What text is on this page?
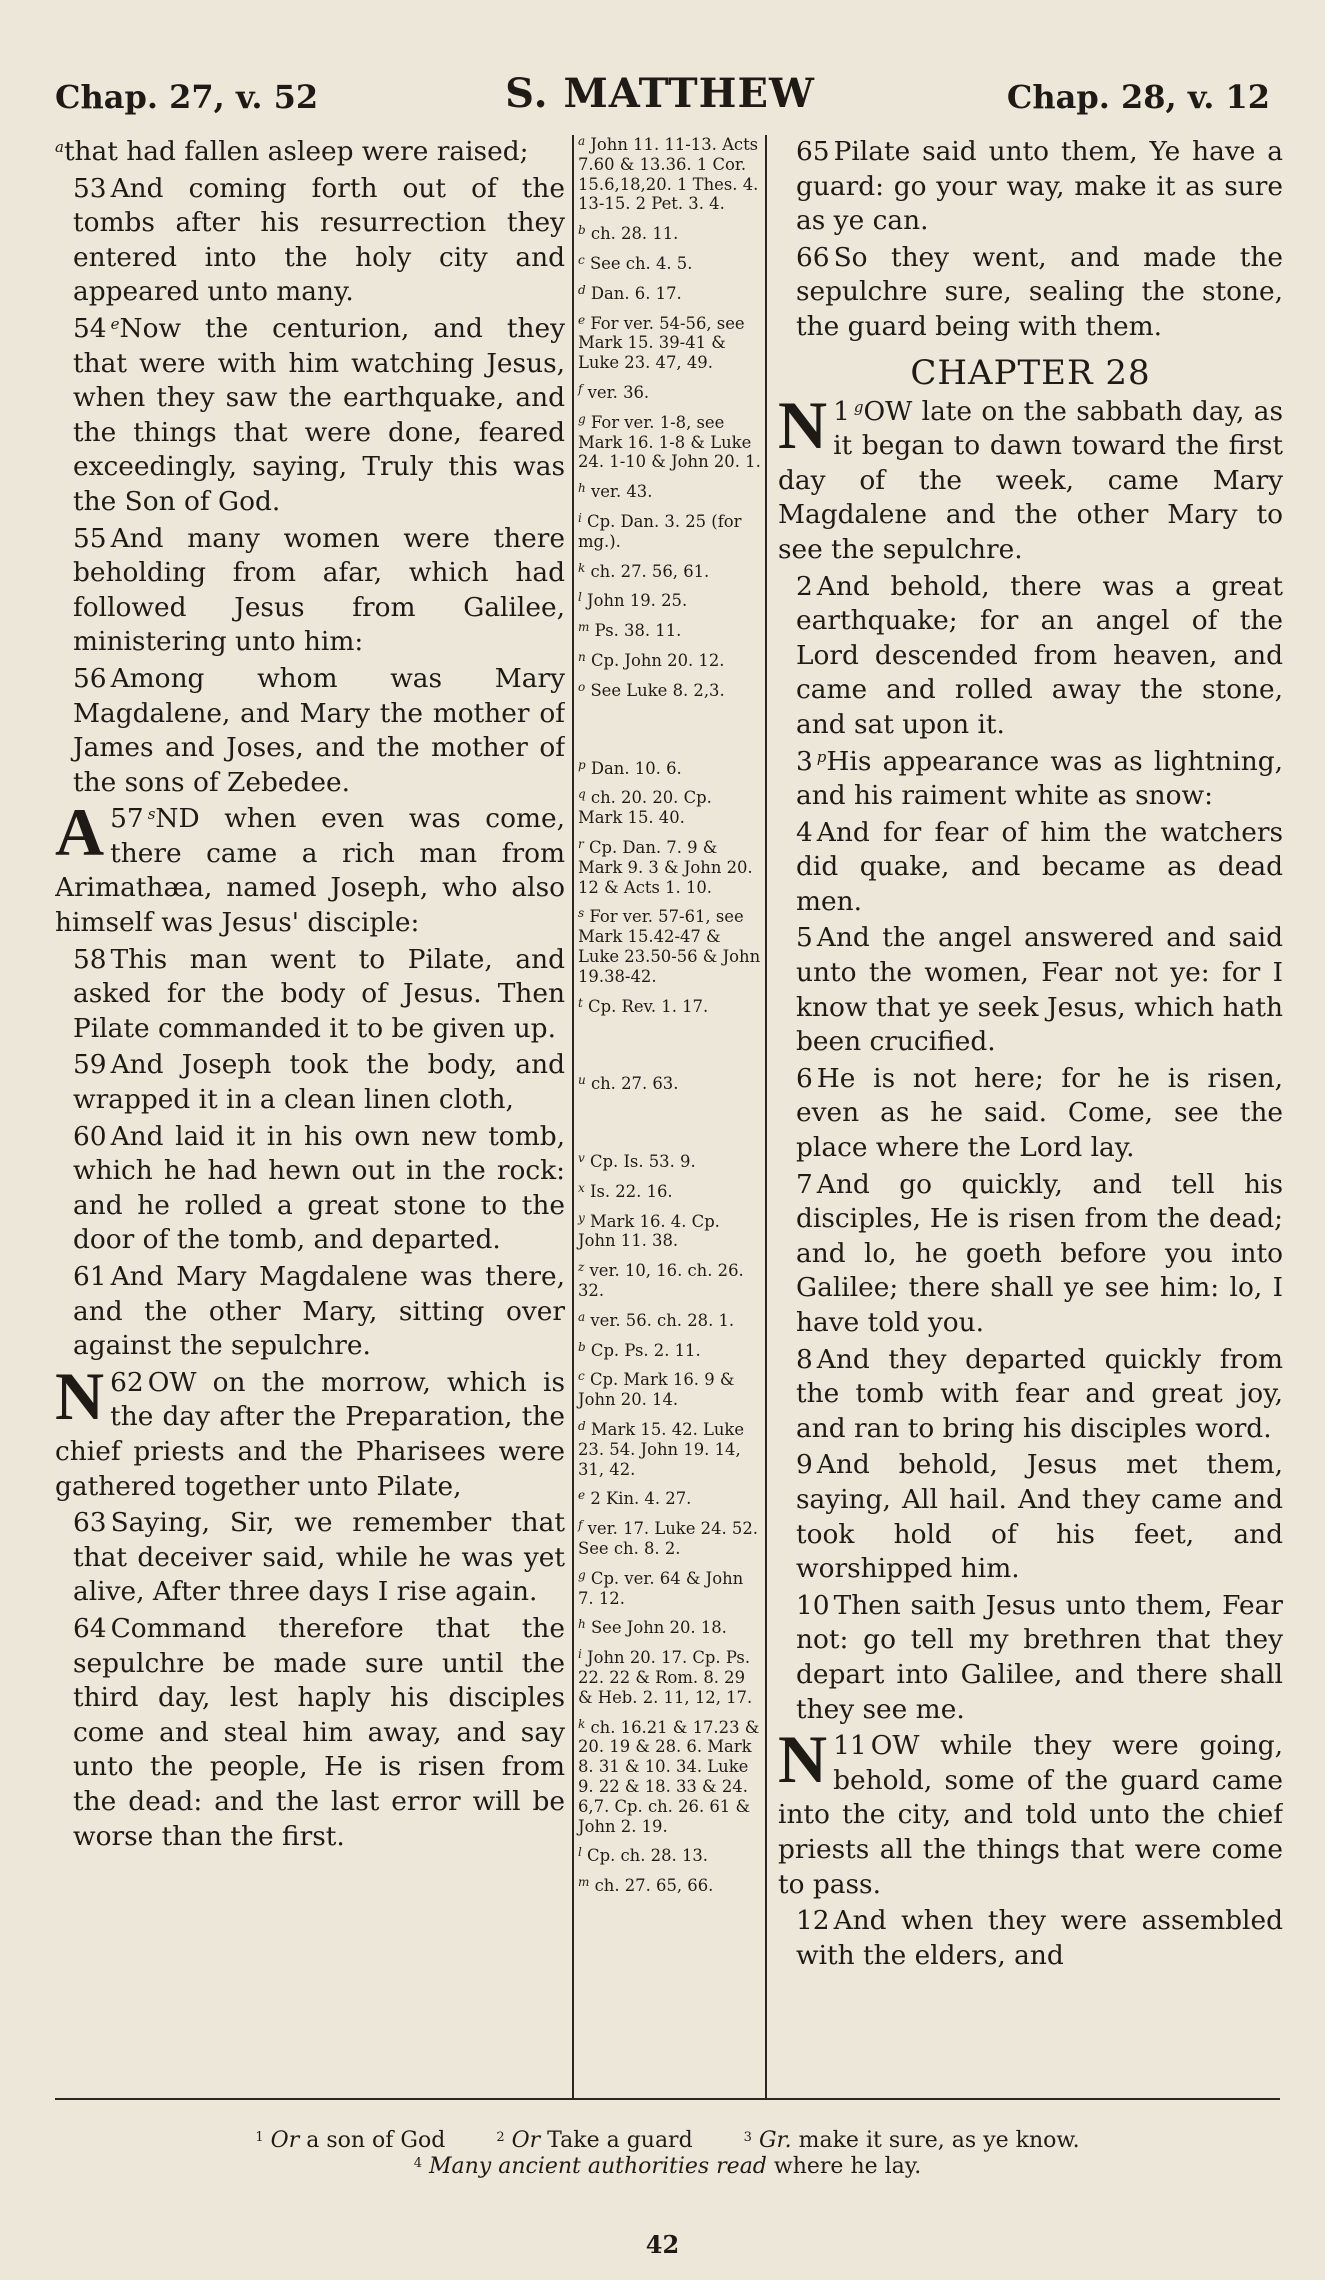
Chap. 27, v. 52	S. MATTHEW	Chap. 28, v. 12

$^a$that had fallen asleep were raised;

53 And coming forth out of the tombs after his resurrection they entered into the holy city and appeared unto many.

54 $^e$Now the centurion, and they that were with him watching Jesus, when they saw the earthquake, and the things that were done, feared exceedingly, saying, Truly this was the Son of God.

55 And many women were there beholding from afar, which had followed Jesus from Galilee, ministering unto him:

56 Among whom was Mary Magdalene, and Mary the mother of James and Joses, and the mother of the sons of Zebedee.

57 $^s$
A ND when even was come, there came a rich man from Arimathæa, named Joseph, who also himself was Jesus' disciple:

58 This man went to Pilate, and asked for the body of Jesus. Then Pilate commanded it to be given up.

59 And Joseph took the body, and wrapped it in a clean linen cloth,

60 And laid it in his own new tomb, which he had hewn out in the rock: and he rolled a great stone to the door of the tomb, and departed.

61 And Mary Magdalene was there, and the other Mary, sitting over against the sepulchre.

62
N OW on the morrow, which is the day after the Preparation, the chief priests and the Pharisees were gathered together unto Pilate,

63 Saying, Sir, we remember that that deceiver said, while he was yet alive, After three days I rise again.

64 Command therefore that the sepulchre be made sure until the third day, lest haply his disciples come and steal him away, and say unto the people, He is risen from the dead: and the last error will be worse than the first.

$^a$ John 11. 11-13. Acts 7.60 & 13.36. 1 Cor. 15.6,18,20. 1 Thes. 4. 13-15. 2 Pet. 3. 4.
$^b$ ch. 28. 11.
$^c$ See ch. 4. 5.
$^d$ Dan. 6. 17.
$^e$ For ver. 54-56, see Mark 15. 39-41 & Luke 23. 47, 49.
$^f$ ver. 36.
$^g$ For ver. 1-8, see Mark 16. 1-8 & Luke 24. 1-10 & John 20. 1.
$^h$ ver. 43.
$^i$ Cp. Dan. 3. 25 (for mg.).
$^k$ ch. 27. 56, 61.
$^l$ John 19. 25.
$^m$ Ps. 38. 11.
$^n$ Cp. John 20. 12.
$^o$ See Luke 8. 2,3.
$^p$ Dan. 10. 6.
$^q$ ch. 20. 20. Cp. Mark 15. 40.
$^r$ Cp. Dan. 7. 9 & Mark 9. 3 & John 20. 12 & Acts 1. 10.
$^s$ For ver. 57-61, see Mark 15.42-47 & Luke 23.50-56 & John 19.38-42.
$^t$ Cp. Rev. 1. 17.
$^u$ ch. 27. 63.
$^v$ Cp. Is. 53. 9.
$^x$ Is. 22. 16.
$^y$ Mark 16. 4. Cp. John 11. 38.
$^z$ ver. 10, 16. ch. 26. 32.
$^a$ ver. 56. ch. 28. 1.
$^b$ Cp. Ps. 2. 11.
$^c$ Cp. Mark 16. 9 & John 20. 14.
$^d$ Mark 15. 42. Luke 23. 54. John 19. 14, 31, 42.
$^e$ 2 Kin. 4. 27.
$^f$ ver. 17. Luke 24. 52. See ch. 8. 2.
$^g$ Cp. ver. 64 & John 7. 12.
$^h$ See John 20. 18.
$^i$ John 20. 17. Cp. Ps. 22. 22 & Rom. 8. 29 & Heb. 2. 11, 12, 17.
$^k$ ch. 16.21 & 17.23 & 20. 19 & 28. 6. Mark 8. 31 & 10. 34. Luke 9. 22 & 18. 33 & 24. 6,7. Cp. ch. 26. 61 & John 2. 19.
$^l$ Cp. ch. 28. 13.
$^m$ ch. 27. 65, 66.

65 Pilate said unto them, Ye have a guard: go your way, make it as sure as ye can.

66 So they went, and made the sepulchre sure, sealing the stone, the guard being with them.

CHAPTER 28

1 $^g$
N OW late on the sabbath day, as it began to dawn toward the first day of the week, came Mary Magdalene and the other Mary to see the sepulchre.

2 And behold, there was a great earthquake; for an angel of the Lord descended from heaven, and came and rolled away the stone, and sat upon it.

3 $^p$His appearance was as lightning, and his raiment white as snow:

4 And for fear of him the watchers did quake, and became as dead men.

5 And the angel answered and said unto the women, Fear not ye: for I know that ye seek Jesus, which hath been crucified.

6 He is not here; for he is risen, even as he said. Come, see the place where the Lord lay.

7 And go quickly, and tell his disciples, He is risen from the dead; and lo, he goeth before you into Galilee; there shall ye see him: lo, I have told you.

8 And they departed quickly from the tomb with fear and great joy, and ran to bring his disciples word.

9 And behold, Jesus met them, saying, All hail. And they came and took hold of his feet, and worshipped him.

10 Then saith Jesus unto them, Fear not: go tell my brethren that they depart into Galilee, and there shall they see me.

11
N OW while they were going, behold, some of the guard came into the city, and told unto the chief priests all the things that were come to pass.

12 And when they were assembled with the elders, and

$^1$ Or a son of God	$^2$ Or Take a guard	$^3$ Gr. make it sure, as ye know.
$^4$ Many ancient authorities read where he lay.
42
